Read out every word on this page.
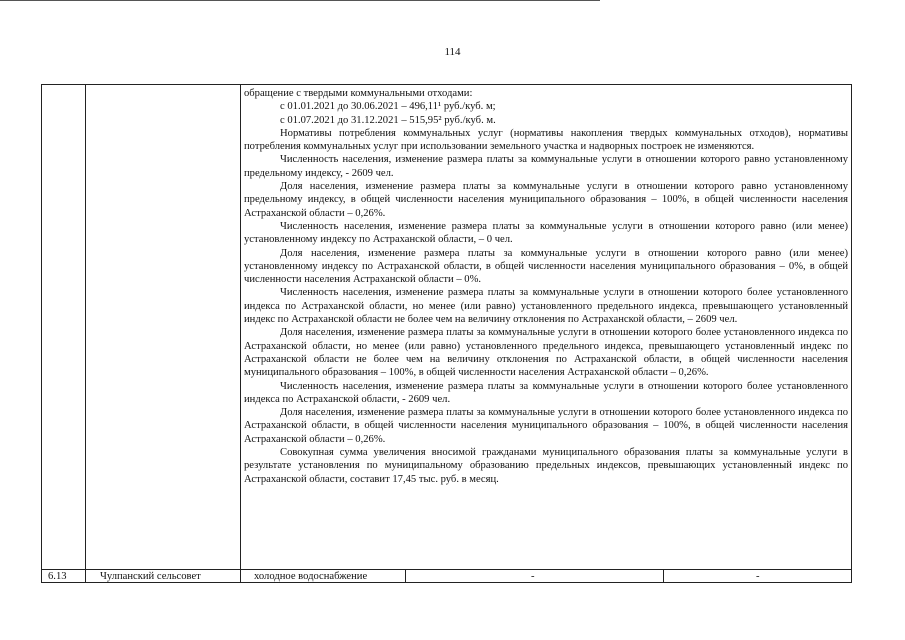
114

обращение с твердыми коммунальными отходами:

с 01.01.2021 до 30.06.2021 – 496,11¹ руб./куб. м;

с 01.07.2021 до 31.12.2021 – 515,95² руб./куб. м.

Нормативы потребления коммунальных услуг (нормативы накопления твердых коммунальных отходов), нормативы потребления коммунальных услуг при использовании земельного участка и надворных построек не изменяются.

Численность населения, изменение размера платы за коммунальные услуги в отношении которого равно установленному предельному индексу, - 2609 чел.

Доля населения, изменение размера платы за коммунальные услуги в отношении которого равно установленному предельному индексу, в общей численности населения муниципального образования – 100%, в общей численности населения Астраханской области – 0,26%.

Численность населения, изменение размера платы за коммунальные услуги в отношении которого равно (или менее) установленному индексу по Астраханской области, – 0 чел.

Доля населения, изменение размера платы за коммунальные услуги в отношении которого равно (или менее) установленному индексу по Астраханской области, в общей численности населения муниципального образования – 0%, в общей численности населения Астраханской области – 0%.

Численность населения, изменение размера платы за коммунальные услуги в отношении которого более установленного индекса по Астраханской области, но менее (или равно) установленного предельного индекса, превышающего установленный индекс по Астраханской области не более чем на величину отклонения по Астраханской области, – 2609 чел.

Доля населения, изменение размера платы за коммунальные услуги в отношении которого более установленного индекса по Астраханской области, но менее (или равно) установленного предельного индекса, превышающего установленный индекс по Астраханской области не более чем на величину отклонения по Астраханской области, в общей численности населения муниципального образования – 100%, в общей численности населения Астраханской области – 0,26%.

Численность населения, изменение размера платы за коммунальные услуги в отношении которого более установленного индекса по Астраханской области, - 2609 чел.

Доля населения, изменение размера платы за коммунальные услуги в отношении которого более установленного индекса по Астраханской области, в общей численности населения муниципального образования – 100%, в общей численности населения Астраханской области – 0,26%.

Совокупная сумма увеличения вносимой гражданами муниципального образования платы за коммунальные услуги в результате установления по муниципальному образованию предельных индексов, превышающих установленный индекс по Астраханской области, составит 17,45 тыс. руб. в месяц.

6.13	Чулпанский сельсовет	холодное водоснабжение	-	-
